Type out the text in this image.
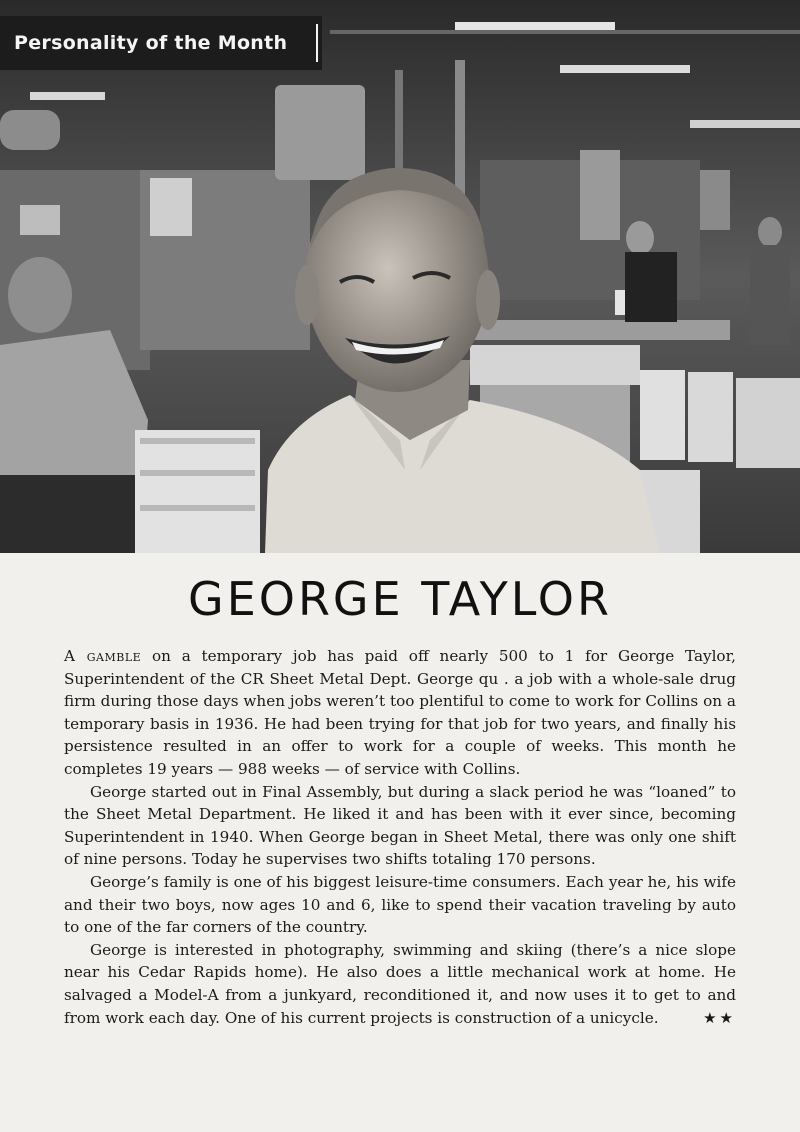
Personality of the Month
GEORGE TAYLOR

A gamble on a temporary job has paid off nearly 500 to 1 for George Taylor, Superintendent of the CR Sheet Metal Dept. George qu . a job with a whole-sale drug firm during those days when jobs weren’t too plentiful to come to work for Collins on a temporary basis in 1936. He had been trying for that job for two years, and finally his persistence resulted in an offer to work for a couple of weeks. This month he completes 19 years — 988 weeks — of service with Collins.

George started out in Final Assembly, but during a slack period he was “loaned” to the Sheet Metal Department. He liked it and has been with it ever since, becoming Superintendent in 1940. When George began in Sheet Metal, there was only one shift of nine persons. Today he supervises two shifts totaling 170 persons.

George’s family is one of his biggest leisure-time consumers. Each year he, his wife and their two boys, now ages 10 and 6, like to spend their vacation traveling by auto to one of the far corners of the country.

George is interested in photography, swimming and skiing (there’s a nice slope near his Cedar Rapids home). He also does a little mechanical work at home. He salvaged a Model-A from a junkyard, reconditioned it, and now uses it to get to and from work each day. One of his current projects is construction of a unicycle.	★★
